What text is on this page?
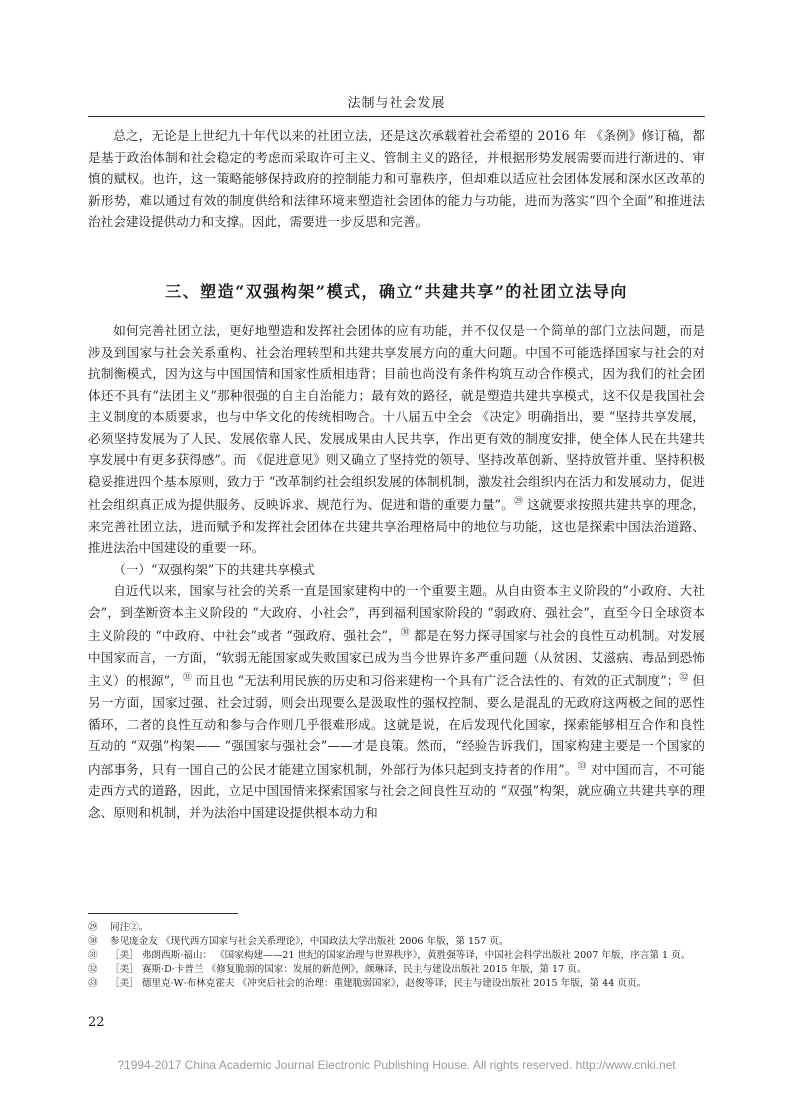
法制与社会发展

总之，无论是上世纪九十年代以来的社团立法，还是这次承载着社会希望的 2016 年 《条例》修订稿，都是基于政治体制和社会稳定的考虑而采取许可主义、管制主义的路径，并根据形势发展需要而进行渐进的、审慎的赋权。也许，这一策略能够保持政府的控制能力和可靠秩序，但却难以适应社会团体发展和深水区改革的新形势，难以通过有效的制度供给和法律环境来塑造社会团体的能力与功能，进而为落实“四个全面”和推进法治社会建设提供动力和支撑。因此，需要进一步反思和完善。

三、塑造“双强构架”模式，确立“共建共享”的社团立法导向

如何完善社团立法，更好地塑造和发挥社会团体的应有功能，并不仅仅是一个简单的部门立法问题，而是涉及到国家与社会关系重构、社会治理转型和共建共享发展方向的重大问题。中国不可能选择国家与社会的对抗制衡模式，因为这与中国国情和国家性质相违背；目前也尚没有条件构筑互动合作模式，因为我们的社会团体还不具有“法团主义”那种很强的自主自治能力；最有效的路径，就是塑造共建共享模式，这不仅是我国社会主义制度的本质要求，也与中华文化的传统相吻合。十八届五中全会 《决定》明确指出，要 “坚持共享发展，必须坚持发展为了人民、发展依靠人民、发展成果由人民共享，作出更有效的制度安排，使全体人民在共建共享发展中有更多获得感”。而 《促进意见》则又确立了坚持党的领导、坚持改革创新、坚持放管并重、坚持积极稳妥推进四个基本原则，致力于 “改革制约社会组织发展的体制机制，激发社会组织内在活力和发展动力，促进社会组织真正成为提供服务、反映诉求、规范行为、促进和谐的重要力量”。$^㉙$ 这就要求按照共建共享的理念，来完善社团立法，进而赋予和发挥社会团体在共建共享治理格局中的地位与功能，这也是探索中国法治道路、推进法治中国建设的重要一环。

（一）“双强构架”下的共建共享模式

自近代以来，国家与社会的关系一直是国家建构中的一个重要主题。从自由资本主义阶段的“小政府、大社会”，到垄断资本主义阶段的 “大政府、小社会”，再到福利国家阶段的 “弱政府、强社会”，直至今日全球资本主义阶段的 “中政府、中社会”或者 “强政府、强社会”，$^㉚$ 都是在努力探寻国家与社会的良性互动机制。对发展中国家而言，一方面，“软弱无能国家或失败国家已成为当今世界许多严重问题（从贫困、艾滋病、毒品到恐怖主义）的根源”，$^㉛$ 而且也 “无法利用民族的历史和习俗来建构一个具有广泛合法性的、有效的正式制度”；$^㉜$ 但另一方面，国家过强、社会过弱，则会出现要么是汲取性的强权控制、要么是混乱的无政府这两极之间的恶性循环，二者的良性互动和参与合作则几乎很难形成。这就是说，在后发现代化国家，探索能够相互合作和良性互动的 “双强”构架—— “强国家与强社会”——才是良策。然而，“经验告诉我们，国家构建主要是一个国家的内部事务，只有一国自己的公民才能建立国家机制，外部行为体只起到支持者的作用”。$^㉝$ 对中国而言，不可能走西方式的道路，因此，立足中国国情来探索国家与社会之间良性互动的 “双强”构架，就应确立共建共享的理念、原则和机制，并为法治中国建设提供根本动力和

㉙	同注②。
㉚	参见庞金友 《现代西方国家与社会关系理论》，中国政法大学出版社 2006 年版，第 157 页。
㉛	［美］ 弗朗西斯·福山： 《国家构建——21 世纪的国家治理与世界秩序》，黄胜强等译，中国社会科学出版社 2007 年版，序言第 1 页。
㉜	［美］ 赛斯·D·卡普兰 《修复脆弱的国家：发展的新范例》，颜琳译，民主与建设出版社 2015 年版，第 17 页。
㉝	［美］ 德里克·W·布林克霍夫 《冲突后社会的治理：重建脆弱国家》，赵俊等译，民主与建设出版社 2015 年版，第 44 页页。
22
?1994-2017 China Academic Journal Electronic Publishing House. All rights reserved. http://www.cnki.net
